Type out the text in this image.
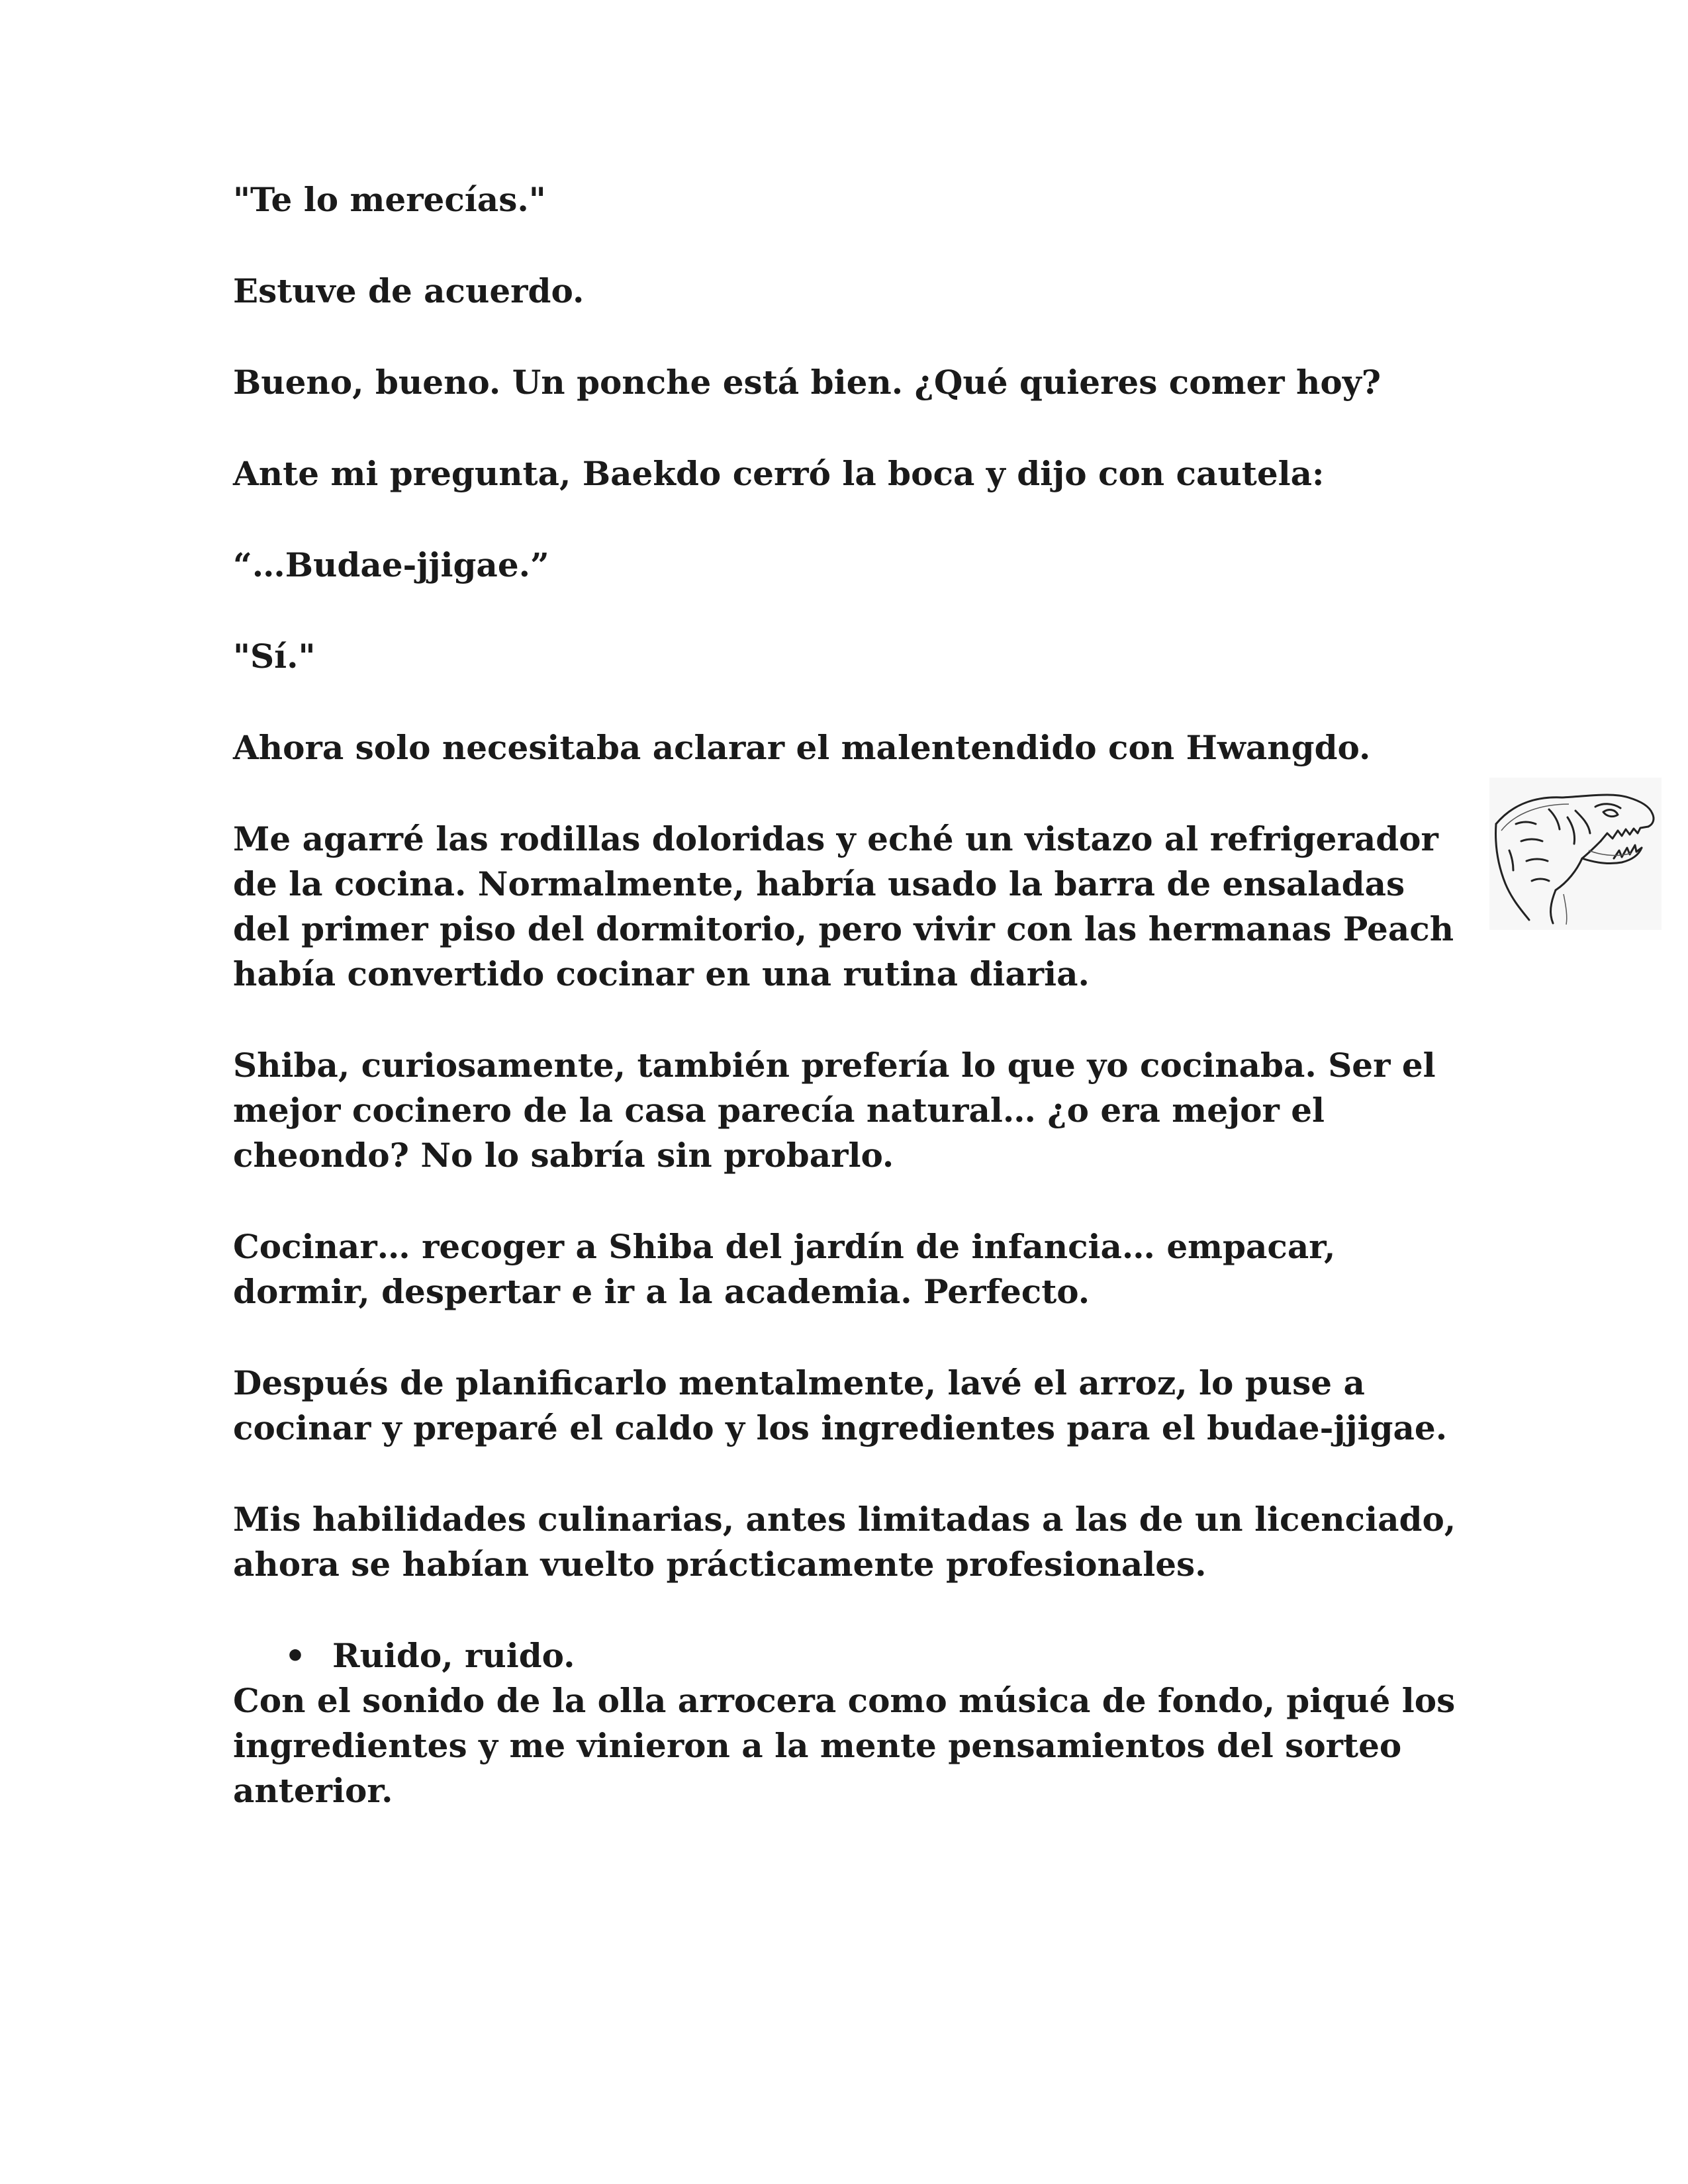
"Te lo merecías."

Estuve de acuerdo.

Bueno, bueno. Un ponche está bien. ¿Qué quieres comer hoy?

Ante mi pregunta, Baekdo cerró la boca y dijo con cautela:

“…Budae-jjigae.”

"Sí."

Ahora solo necesitaba aclarar el malentendido con Hwangdo.

Me agarré las rodillas doloridas y eché un vistazo al refrigerador de la cocina. Normalmente, habría usado la barra de ensaladas del primer piso del dormitorio, pero vivir con las hermanas Peach había convertido cocinar en una rutina diaria.

Shiba, curiosamente, también prefería lo que yo cocinaba. Ser el mejor cocinero de la casa parecía natural… ¿o era mejor el cheondo? No lo sabría sin probarlo.

Cocinar… recoger a Shiba del jardín de infancia… empacar, dormir, despertar e ir a la academia. Perfecto.

Después de planificarlo mentalmente, lavé el arroz, lo puse a cocinar y preparé el caldo y los ingredientes para el budae-jjigae.

Mis habilidades culinarias, antes limitadas a las de un licenciado, ahora se habían vuelto prácticamente profesionales.

• Ruido, ruido.

Con el sonido de la olla arrocera como música de fondo, piqué los ingredientes y me vinieron a la mente pensamientos del sorteo anterior.
